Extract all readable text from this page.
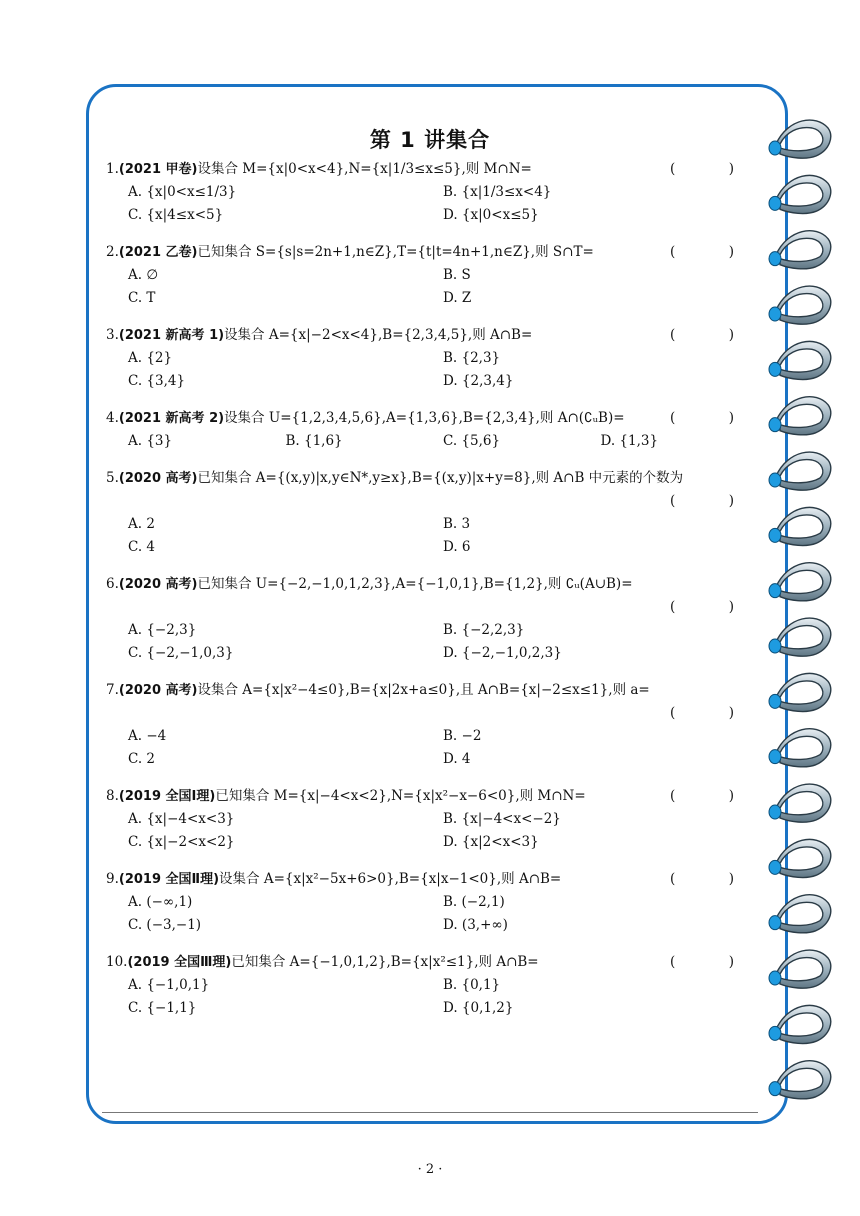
第 1 讲集合
1.(2021 甲卷)设集合 M={x|0<x<4},N={x|1/3≤x≤5},则 M∩N=	(　)
A. {x|0<x≤1/3}	B. {x|1/3≤x<4}
C. {x|4≤x<5}	D. {x|0<x≤5}
2.(2021 乙卷)已知集合 S={s|s=2n+1,n∈Z},T={t|t=4n+1,n∈Z},则 S∩T=	(　)
A. ∅	B. S
C. T	D. Z
3.(2021 新高考 1)设集合 A={x|−2<x<4},B={2,3,4,5},则 A∩B=	(　)
A. {2}	B. {2,3}
C. {3,4}	D. {2,3,4}
4.(2021 新高考 2)设集合 U={1,2,3,4,5,6},A={1,3,6},B={2,3,4},则 A∩(∁ᵤB)=	(　)
A. {3}	B. {1,6}	C. {5,6}	D. {1,3}
5.(2020 高考)已知集合 A={(x,y)|x,y∈N*,y≥x},B={(x,y)|x+y=8},则 A∩B 中元素的个数为
(　)
A. 2	B. 3
C. 4	D. 6
6.(2020 高考)已知集合 U={−2,−1,0,1,2,3},A={−1,0,1},B={1,2},则 ∁ᵤ(A∪B)=
(　)
A. {−2,3}	B. {−2,2,3}
C. {−2,−1,0,3}	D. {−2,−1,0,2,3}
7.(2020 高考)设集合 A={x|x²−4≤0},B={x|2x+a≤0},且 A∩B={x|−2≤x≤1},则 a=
(　)
A. −4	B. −2
C. 2	D. 4
8.(2019 全国Ⅰ理)已知集合 M={x|−4<x<2},N={x|x²−x−6<0},则 M∩N=	(　)
A. {x|−4<x<3}	B. {x|−4<x<−2}
C. {x|−2<x<2}	D. {x|2<x<3}
9.(2019 全国Ⅱ理)设集合 A={x|x²−5x+6>0},B={x|x−1<0},则 A∩B=	(　)
A. (−∞,1)	B. (−2,1)
C. (−3,−1)	D. (3,+∞)
10.(2019 全国Ⅲ理)已知集合 A={−1,0,1,2},B={x|x²≤1},则 A∩B=	(　)
A. {−1,0,1}	B. {0,1}
C. {−1,1}	D. {0,1,2}
· 2 ·
